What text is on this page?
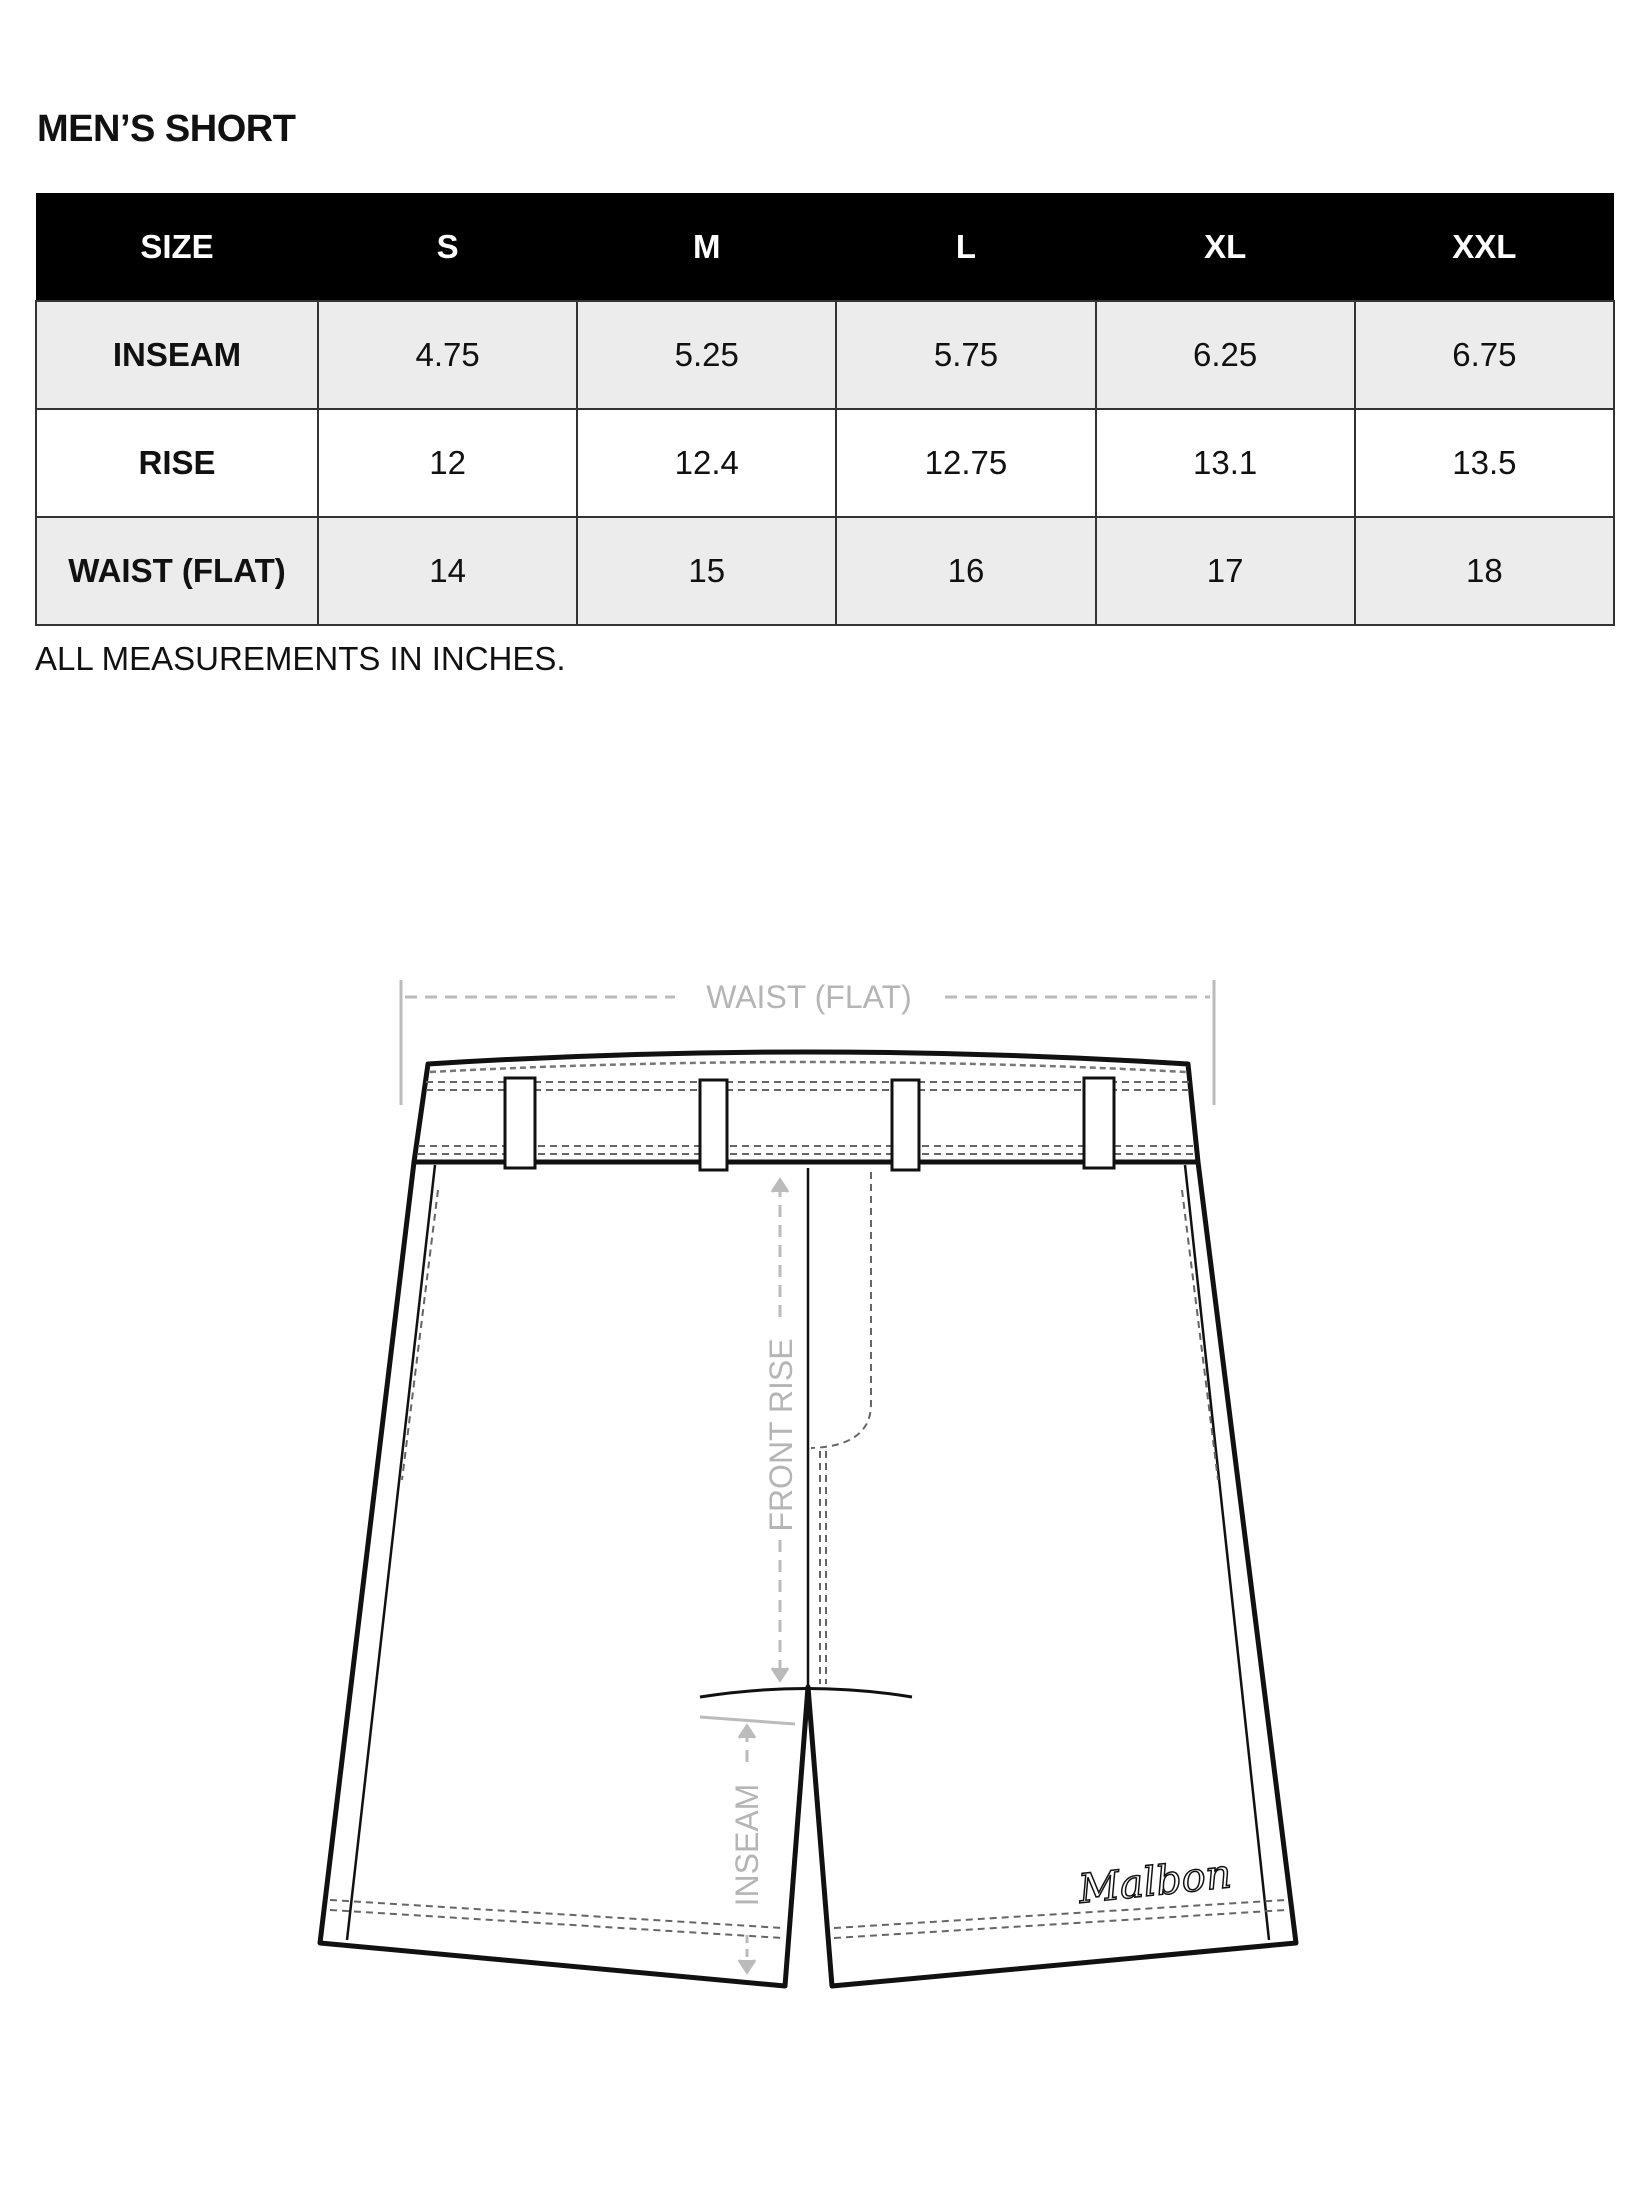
MEN’S SHORT
SIZE	S	M	L	XL	XXL
INSEAM	4.75	5.25	5.75	6.25	6.75
RISE	12	12.4	12.75	13.1	13.5
WAIST (FLAT)	14	15	16	17	18
ALL MEASUREMENTS IN INCHES.
WAIST (FLAT)
FRONT RISE
INSEAM	Malbon
